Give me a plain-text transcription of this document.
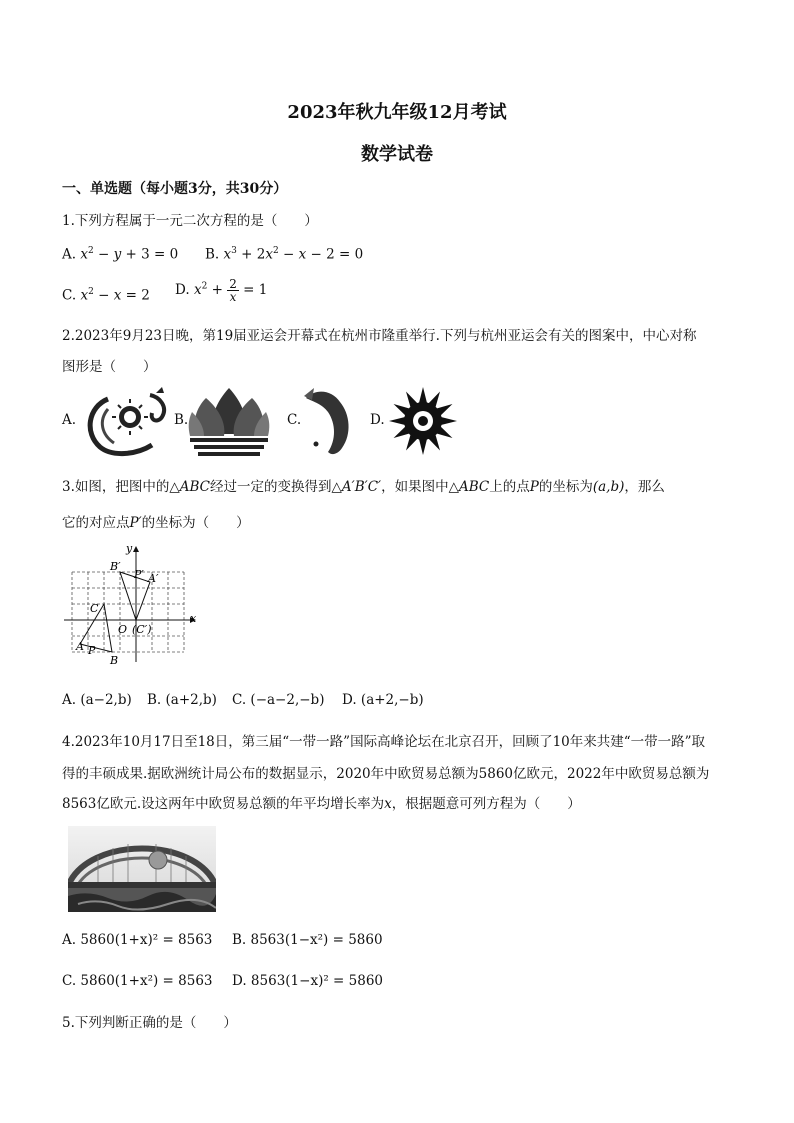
2023年秋九年级12月考试
数学试卷
一、单选题（每小题3分，共30分）
1.下列方程属于一元二次方程的是（　　）
A. $x^2 - y + 3 = 0$ B. $x^3 + 2x^2 - x - 2 = 0$
C. $x^2 - x = 2$ D. $x^2 + \frac{2}{x} = 1$
2.2023年9月23日晚，第19届亚运会开幕式在杭州市隆重举行.下列与杭州亚运会有关的图案中，中心对称
图形是（　　）
A.	B.	C.	D.
3.如图，把图中的△ABC经过一定的变换得到△A′B′C′，如果图中△ABC上的点P的坐标为(a,b)，那么
它的对应点P′的坐标为（　　）
y
x
B′
P′ A′
C
O (C′)
A P
B
A. (a−2,b) B. (a+2,b) C. (−a−2,−b) D. (a+2,−b)
4.2023年10月17日至18日，第三届“一带一路”国际高峰论坛在北京召开，回顾了10年来共建“一带一路”取
得的丰硕成果.据欧洲统计局公布的数据显示，2020年中欧贸易总额为5860亿欧元，2022年中欧贸易总额为
8563亿欧元.设这两年中欧贸易总额的年平均增长率为x，根据题意可列方程为（　　）
A. 5860(1+x)² = 8563 B. 8563(1−x²) = 5860
C. 5860(1+x²) = 8563 D. 8563(1−x)² = 5860
5.下列判断正确的是（　　）
